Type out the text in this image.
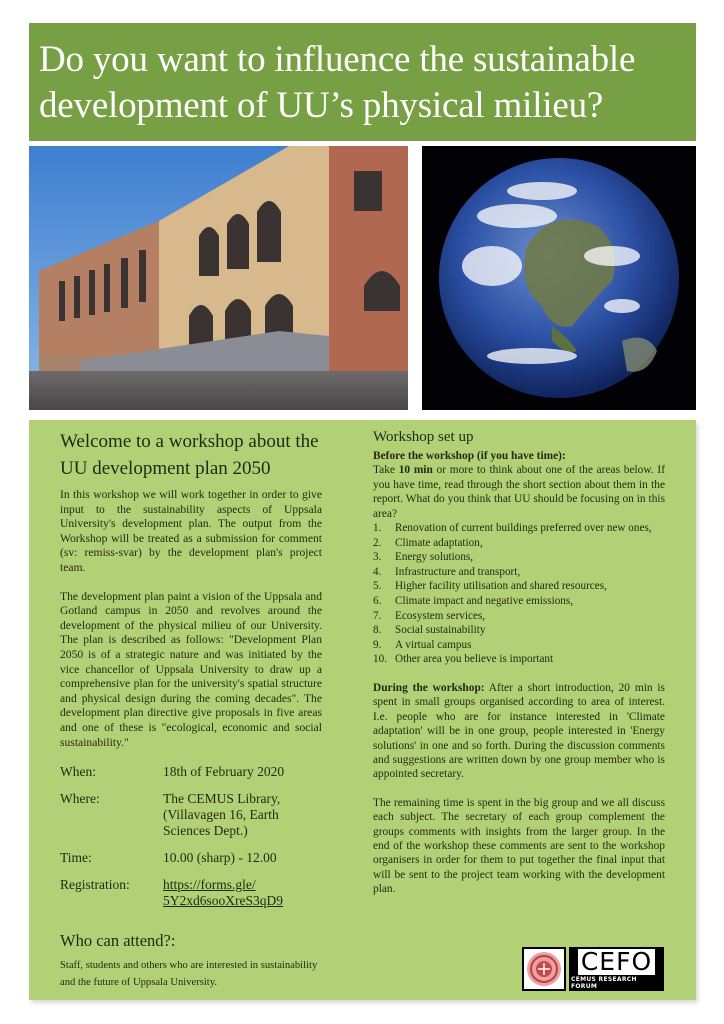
Do you want to influence the sustainable development of UU’s physical milieu?
Welcome to a workshop about the
UU development plan 2050

In this workshop we will work together in order to give input to the sustainability aspects of Uppsala University's development plan. The output from the Workshop will be treated as a submission for comment (sv: remiss-svar) by the development plan's project team.

The development plan paint a vision of the Uppsala and Gotland campus in 2050 and revolves around the development of the physical milieu of our University. The plan is described as follows: "Development Plan 2050 is of a strategic nature and was initiated by the vice chancellor of Uppsala University to draw up a comprehensive plan for the university's spatial structure and physical design during the coming decades". The development plan directive give proposals in five areas and one of these is "ecological, economic and social sustainability."

When:	18th of February 2020
Where:	The CEMUS Library, (Villavagen 16, Earth Sciences Dept.)
Time:	10.00 (sharp) - 12.00
Registration:	https://forms.gle/ 5Y2xd6sooXreS3qD9
Who can attend?:

Staff, students and others who are interested in sustainability and the future of Uppsala University.

Workshop set up

Before the workshop (if you have time):

Take 10 min or more to think about one of the areas below. If you have time, read through the short section about them in the report. What do you think that UU should be focusing on in this area?

1.	Renovation of current buildings preferred over new ones,
2.	Climate adaptation,
3.	Energy solutions,
4.	Infrastructure and transport,
5.	Higher facility utilisation and shared resources,
6.	Climate impact and negative emissions,
7.	Ecosystem services,
8.	Social sustainability
9.	A virtual campus
10. Other area you believe is important

During the workshop: After a short introduction, 20 min is spent in small groups organised according to area of interest. I.e. people who are for instance interested in 'Climate adaptation' will be in one group, people interested in 'Energy solutions' in one and so forth. During the discussion comments and suggestions are written down by one group member who is appointed secretary.

The remaining time is spent in the big group and we all discuss each subject. The secretary of each group complement the groups comments with insights from the larger group. In the end of the workshop these comments are sent to the workshop organisers in order for them to put together the final input that will be sent to the project team working with the development plan.

CEFO
CEMUS RESEARCH FORUM
